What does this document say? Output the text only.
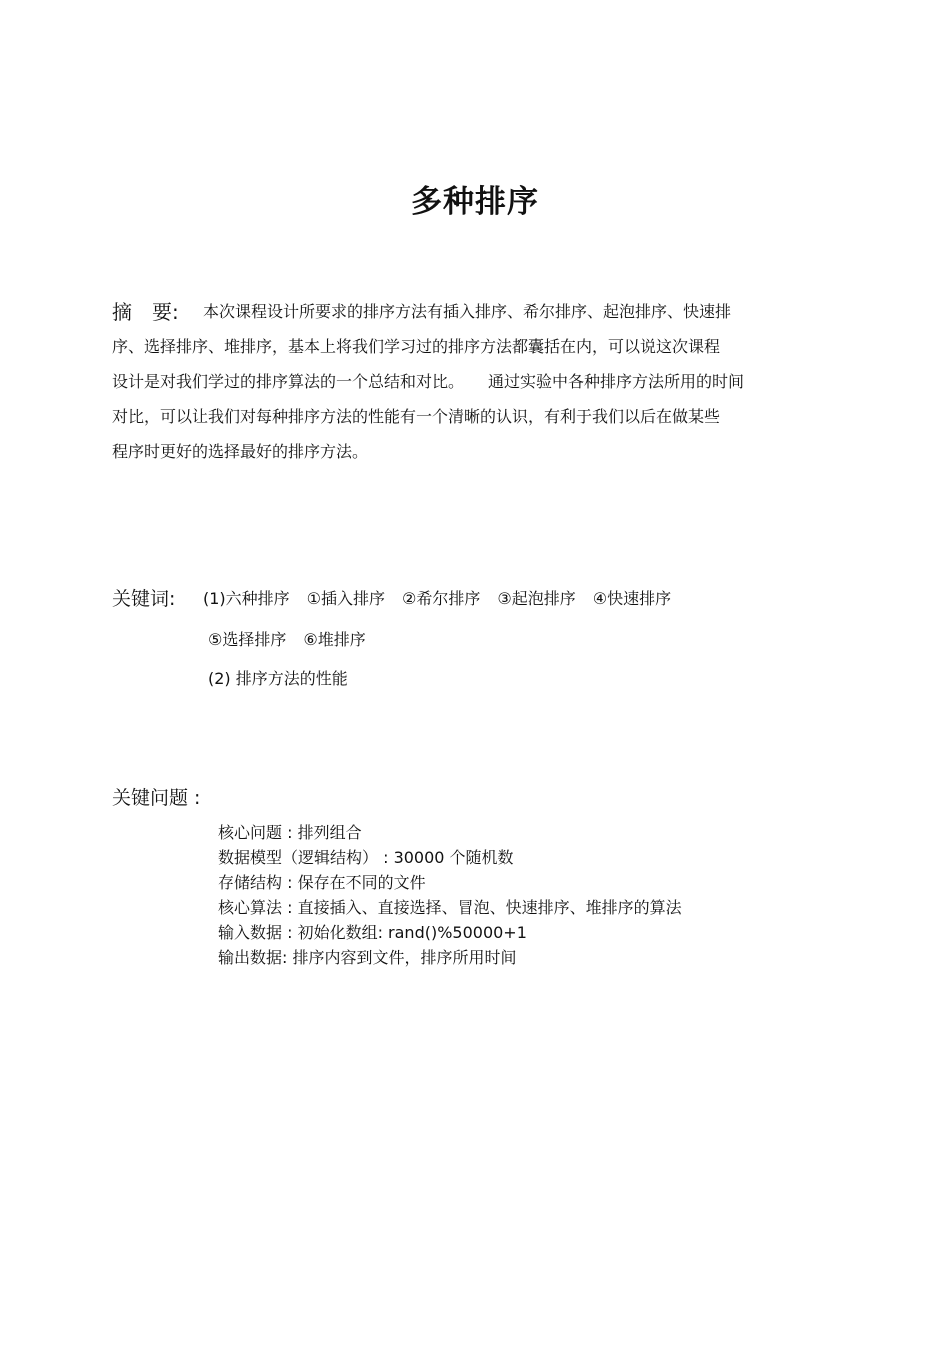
多种排序
摘　要: 本次课程设计所要求的排序方法有插入排序、希尔排序、起泡排序、快速排

序、选择排序、堆排序，基本上将我们学习过的排序方法都囊括在内，可以说这次课程

设计是对我们学过的排序算法的一个总结和对比。　　通过实验中各种排序方法所用的时间

对比，可以让我们对每种排序方法的性能有一个清晰的认识，有利于我们以后在做某些

程序时更好的选择最好的排序方法。

关键词: (1)六种排序 ①插入排序 ②希尔排序 ③起泡排序 ④快速排序
⑤选择排序 ⑥堆排序
(2) 排序方法的性能
关键问题 :

核心问题 : 排列组合

数据模型（逻辑结构） : 30000 个随机数

存储结构 : 保存在不同的文件

核心算法 : 直接插入、直接选择、冒泡、快速排序、堆排序的算法

输入数据 : 初始化数组: rand()%50000+1

输出数据: 排序内容到文件，排序所用时间
